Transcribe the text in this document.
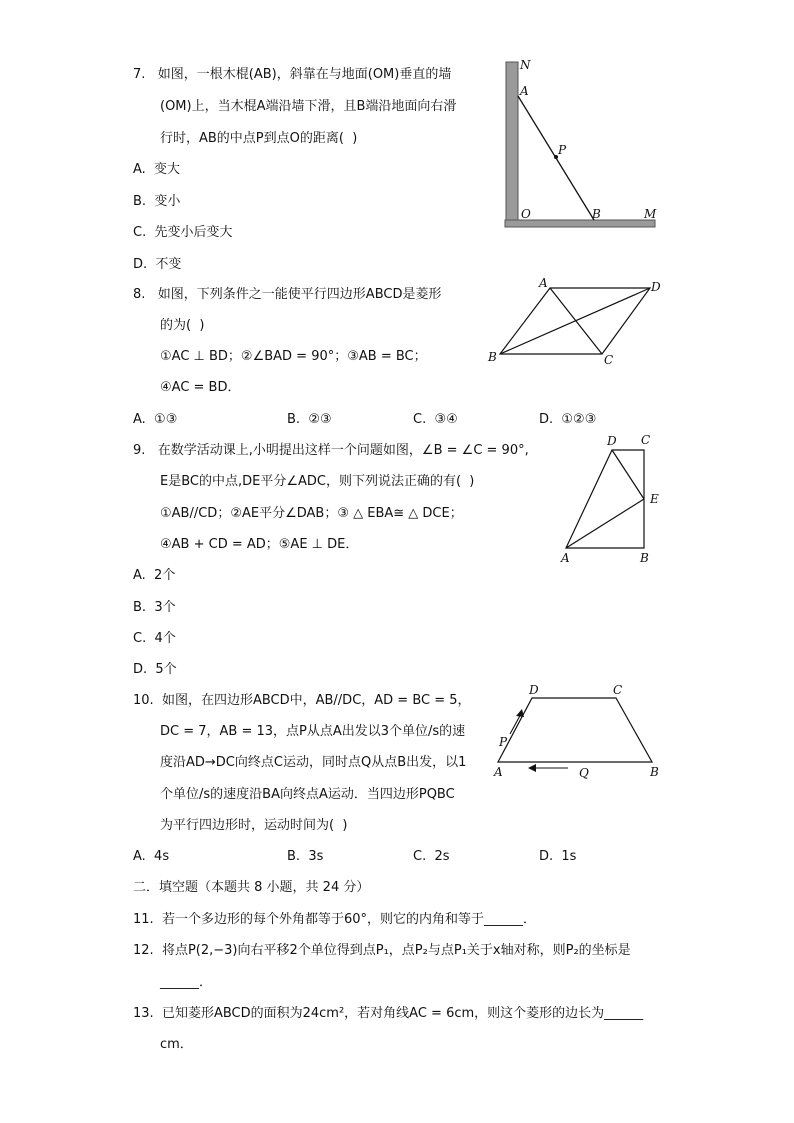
7.   如图，一根木棍(AB)，斜靠在与地面(OM)垂直的墙
(OM)上，当木棍A端沿墙下滑，且B端沿地面向右滑
行时，AB的中点P到点O的距离(  )
A.  变大
B.  变小
C.  先变小后变大
D.  不变
N
A
P
O	B	M
8.   如图，下列条件之一能使平行四边形ABCD是菱形
的为(  )
①AC ⊥ BD；②∠BAD = 90°；③AB = BC；
④AC = BD．
A.  ①③	B.  ②③	C.  ③④	D.  ①②③
A	D
B	C
9.   在数学活动课上,小明提出这样一个问题如图，∠B = ∠C = 90°,
E是BC的中点,DE平分∠ADC，则下列说法正确的有(  )
①AB//CD；②AE平分∠DAB；③ △ EBA≅ △ DCE；
④AB + CD = AD；⑤AE ⊥ DE．
A.  2个
B.  3个
C.  4个
D.  5个
D C
E
A	B
10.  如图，在四边形ABCD中，AB//DC，AD = BC = 5，
DC = 7，AB = 13，点P从点A出发以3个单位/s的速
度沿AD→DC向终点C运动，同时点Q从点B出发，以1
个单位/s的速度沿BA向终点A运动．当四边形PQBC
为平行四边形时，运动时间为(  )
A.  4s	B.  3s	C.  2s	D.  1s
D	C
P
A	Q	B
二．填空题（本题共 8 小题，共 24 分）
11.  若一个多边形的每个外角都等于60°，则它的内角和等于______．
12.  将点P(2,−3)向右平移2个单位得到点P₁，点P₂与点P₁关于x轴对称，则P₂的坐标是
______．
13.  已知菱形ABCD的面积为24cm²，若对角线AC = 6cm，则这个菱形的边长为______
cm．
